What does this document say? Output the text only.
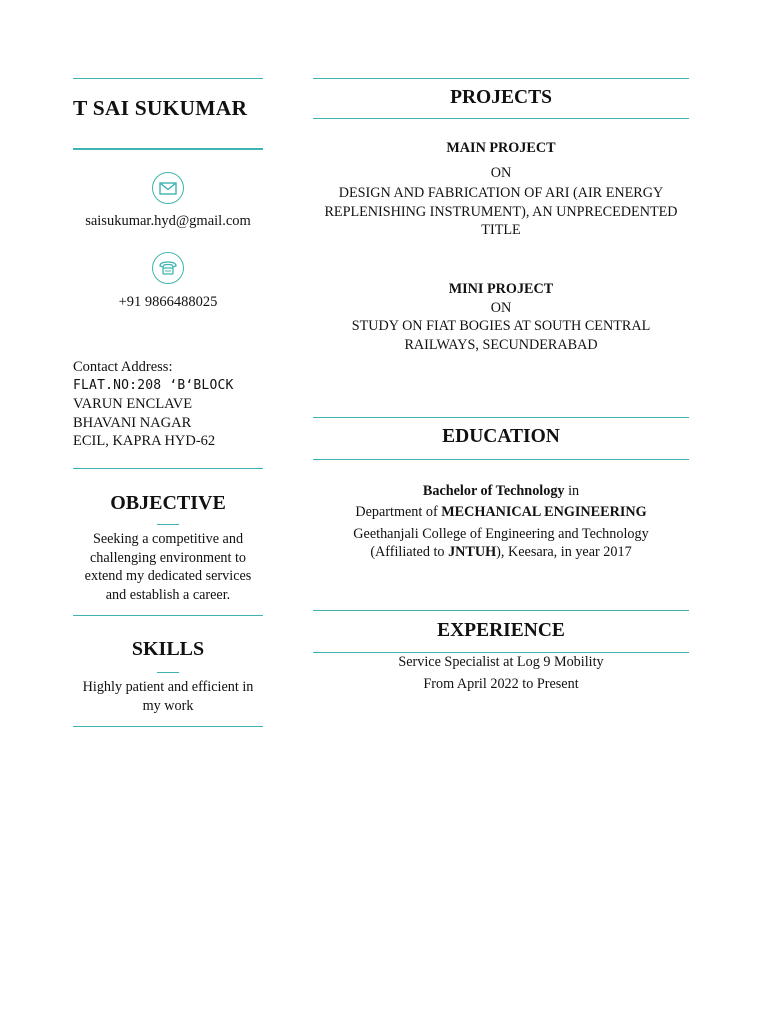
T SAI SUKUMAR
saisukumar.hyd@gmail.com
+91 9866488025
Contact Address:
FLAT.NO:208 ‘B‘BLOCK
VARUN ENCLAVE
BHAVANI NAGAR
ECIL, KAPRA HYD-62
OBJECTIVE
Seeking a competitive and challenging environment to extend my dedicated services and establish a career.
SKILLS
Highly patient and efficient in my work
PROJECTS
MAIN PROJECT
ON
DESIGN AND FABRICATION OF ARI (AIR ENERGY REPLENISHING INSTRUMENT), AN UNPRECEDENTED TITLE
MINI PROJECT
ON
STUDY ON FIAT BOGIES AT SOUTH CENTRAL RAILWAYS, SECUNDERABAD
EDUCATION
Bachelor of Technology in
Department of MECHANICAL ENGINEERING
Geethanjali College of Engineering and Technology
(Affiliated to JNTUH), Keesara, in year 2017
EXPERIENCE
Service Specialist at Log 9 Mobility
From April 2022 to Present
